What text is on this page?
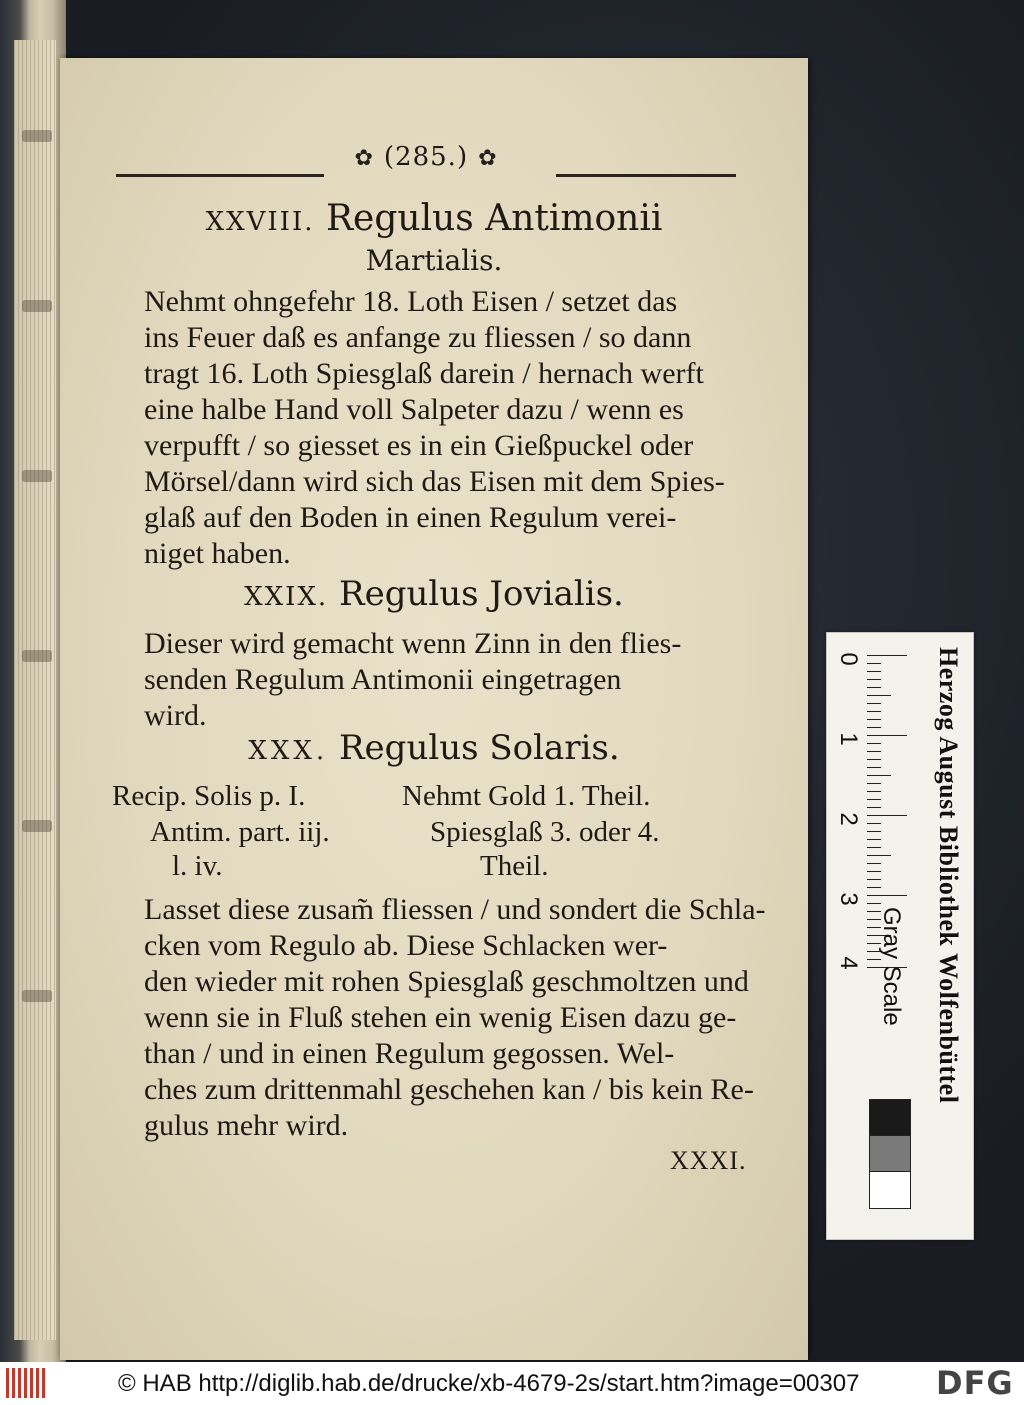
✿ (285.) ✿
XXVIII. Regulus Antimonii
Martialis.
Nehmt ohngefehr 18. Loth Eisen / setzet das
ins Feuer daß es anfange zu fliessen / so dann
tragt 16. Loth Spiesglaß darein / hernach werft
eine halbe Hand voll Salpeter dazu / wenn es
verpufft / so giesset es in ein Gießpuckel oder
Mörsel/dann wird sich das Eisen mit dem Spies-
glaß auf den Boden in einen Regulum verei-
niget haben.
XXIX. Regulus Jovialis.
Dieser wird gemacht wenn Zinn in den flies-
senden Regulum Antimonii eingetragen
wird.
XXX. Regulus Solaris.
Recip. Solis p. I.	Nehmt Gold 1. Theil.
Antim. part. iij.	Spiesglaß 3. oder 4.
l. iv.	Theil.
Lasset diese zusam̃ fliessen / und sondert die Schla-
cken vom Regulo ab. Diese Schlacken wer-
den wieder mit rohen Spiesglaß geschmoltzen und
wenn sie in Fluß stehen ein wenig Eisen dazu ge-
than / und in einen Regulum gegossen. Wel-
ches zum drittenmahl geschehen kan / bis kein Re-
gulus mehr wird.
XXXI.
0
1
2
3
4 Gray Scale Herzog August Bibliothek Wolfenbüttel
© HAB http://diglib.hab.de/drucke/xb-4679-2s/start.htm?image=00307 DFG
